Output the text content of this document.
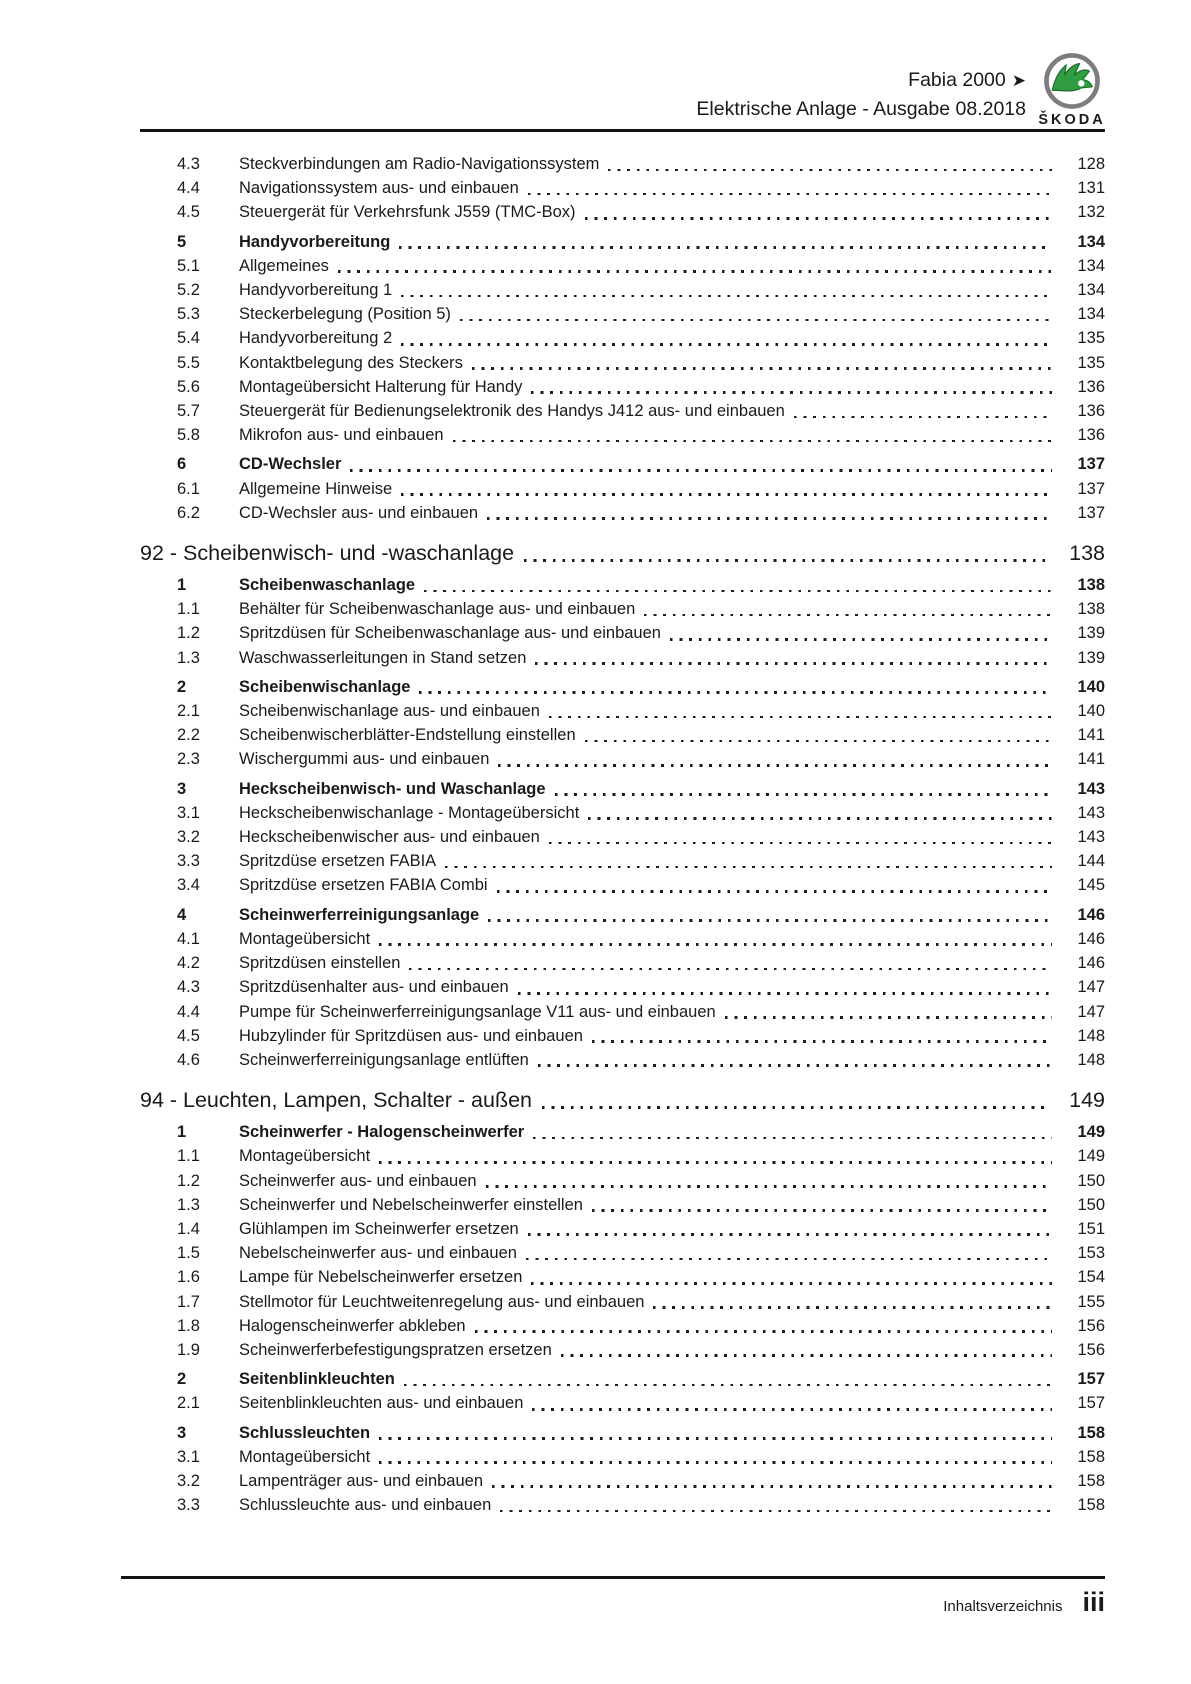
Fabia 2000 ➤
Elektrische Anlage - Ausgabe 08.2018 ŠKODA
4.3	Steckverbindungen am Radio-Navigationssystem	128
4.4	Navigationssystem aus- und einbauen	131
4.5	Steuergerät für Verkehrsfunk J559 (TMC-Box)	132
5	Handyvorbereitung	134
5.1	Allgemeines	134
5.2	Handyvorbereitung 1	134
5.3	Steckerbelegung (Position 5)	134
5.4	Handyvorbereitung 2	135
5.5	Kontaktbelegung des Steckers	135
5.6	Montageübersicht Halterung für Handy	136
5.7	Steuergerät für Bedienungselektronik des Handys J412 aus- und einbauen	136
5.8	Mikrofon aus- und einbauen	136
6	CD-Wechsler	137
6.1	Allgemeine Hinweise	137
6.2	CD-Wechsler aus- und einbauen	137
92 - Scheibenwisch- und -waschanlage	138
1	Scheibenwaschanlage	138
1.1	Behälter für Scheibenwaschanlage aus- und einbauen	138
1.2	Spritzdüsen für Scheibenwaschanlage aus- und einbauen	139
1.3	Waschwasserleitungen in Stand setzen	139
2	Scheibenwischanlage	140
2.1	Scheibenwischanlage aus- und einbauen	140
2.2	Scheibenwischerblätter-Endstellung einstellen	141
2.3	Wischergummi aus- und einbauen	141
3	Heckscheibenwisch- und Waschanlage	143
3.1	Heckscheibenwischanlage - Montageübersicht	143
3.2	Heckscheibenwischer aus- und einbauen	143
3.3	Spritzdüse ersetzen FABIA	144
3.4	Spritzdüse ersetzen FABIA Combi	145
4	Scheinwerferreinigungsanlage	146
4.1	Montageübersicht	146
4.2	Spritzdüsen einstellen	146
4.3	Spritzdüsenhalter aus- und einbauen	147
4.4	Pumpe für Scheinwerferreinigungsanlage V11 aus- und einbauen	147
4.5	Hubzylinder für Spritzdüsen aus- und einbauen	148
4.6	Scheinwerferreinigungsanlage entlüften	148
94 - Leuchten, Lampen, Schalter - außen	149
1	Scheinwerfer - Halogenscheinwerfer	149
1.1	Montageübersicht	149
1.2	Scheinwerfer aus- und einbauen	150
1.3	Scheinwerfer und Nebelscheinwerfer einstellen	150
1.4	Glühlampen im Scheinwerfer ersetzen	151
1.5	Nebelscheinwerfer aus- und einbauen	153
1.6	Lampe für Nebelscheinwerfer ersetzen	154
1.7	Stellmotor für Leuchtweitenregelung aus- und einbauen	155
1.8	Halogenscheinwerfer abkleben	156
1.9	Scheinwerferbefestigungspratzen ersetzen	156
2	Seitenblinkleuchten	157
2.1	Seitenblinkleuchten aus- und einbauen	157
3	Schlussleuchten	158
3.1	Montageübersicht	158
3.2	Lampenträger aus- und einbauen	158
3.3	Schlussleuchte aus- und einbauen	158
Inhaltsverzeichnis iii
